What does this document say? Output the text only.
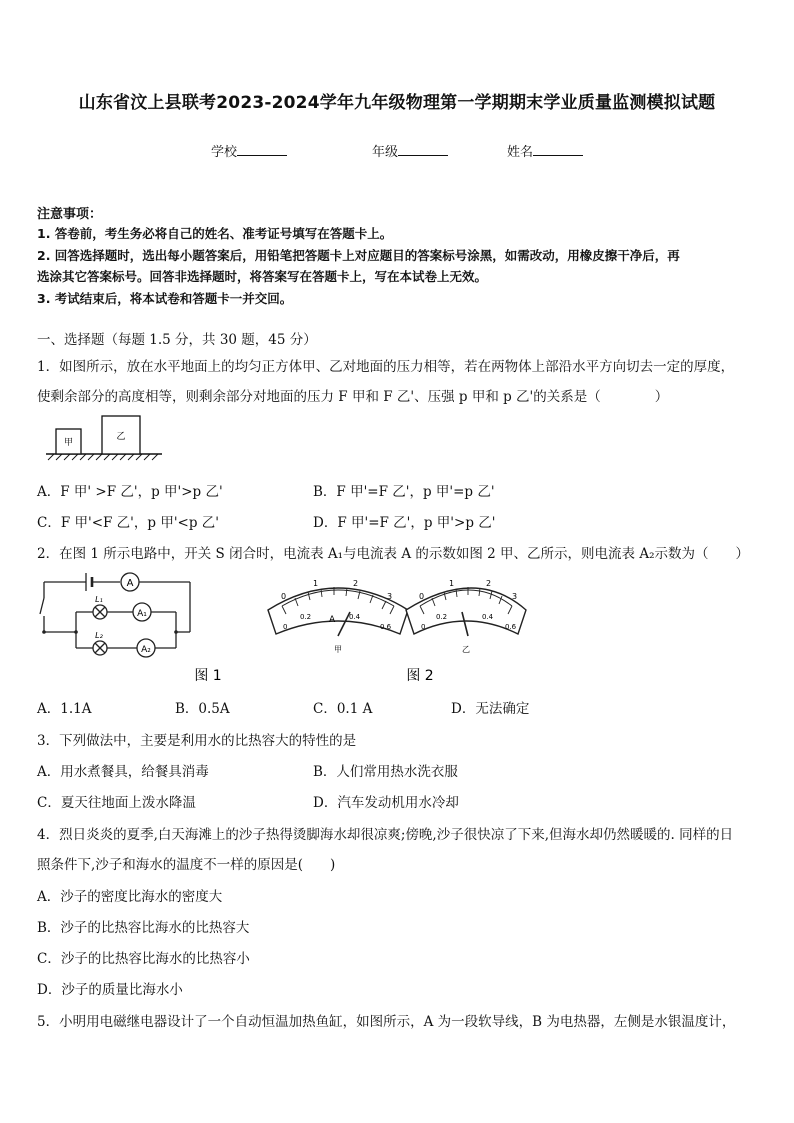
山东省汶上县联考2023-2024学年九年级物理第一学期期末学业质量监测模拟试题
学校	年级	姓名
注意事项：
1. 答卷前，考生务必将自己的姓名、准考证号填写在答题卡上。
2. 回答选择题时，选出每小题答案后，用铅笔把答题卡上对应题目的答案标号涂黑，如需改动，用橡皮擦干净后，再
选涂其它答案标号。回答非选择题时，将答案写在答题卡上，写在本试卷上无效。
3. 考试结束后，将本试卷和答题卡一并交回。
一、选择题（每题 1.5 分，共 30 题，45 分）
1．如图所示，放在水平地面上的均匀正方体甲、乙对地面的压力相等，若在两物体上部沿水平方向切去一定的厚度，
使剩余部分的高度相等，则剩余部分对地面的压力 F 甲和 F 乙'、压强 p 甲和 p 乙'的关系是（　　　　）
甲
乙
A．F 甲' >F 乙'，p 甲'>p 乙'	B．F 甲'=F 乙'，p 甲'=p 乙'
C．F 甲'<F 乙'，p 甲'<p 乙'	D．F 甲'=F 乙'，p 甲'>p 乙'
2．在图 1 所示电路中，开关 S 闭合时，电流表 A₁与电流表 A 的示数如图 2 甲、乙所示，则电流表 A₂示数为（　　）
A
L₁
A₁
L₂
A₂
图 1
0
1	2
3
0
0.2	0.4
0.6
A
甲
0
1	2
3
0
0.2	0.4
0.6
乙
图 2
A．1.1A	B．0.5A	C．0.1 A	D．无法确定
3．下列做法中，主要是利用水的比热容大的特性的是
A．用水煮餐具，给餐具消毒	B．人们常用热水洗衣服
C．夏天往地面上泼水降温	D．汽车发动机用水冷却
4．烈日炎炎的夏季,白天海滩上的沙子热得烫脚海水却很凉爽;傍晚,沙子很快凉了下来,但海水却仍然暖暖的. 同样的日
照条件下,沙子和海水的温度不一样的原因是(　　)
A．沙子的密度比海水的密度大
B．沙子的比热容比海水的比热容大
C．沙子的比热容比海水的比热容小
D．沙子的质量比海水小
5．小明用电磁继电器设计了一个自动恒温加热鱼缸，如图所示，A 为一段软导线，B 为电热器，左侧是水银温度计，
